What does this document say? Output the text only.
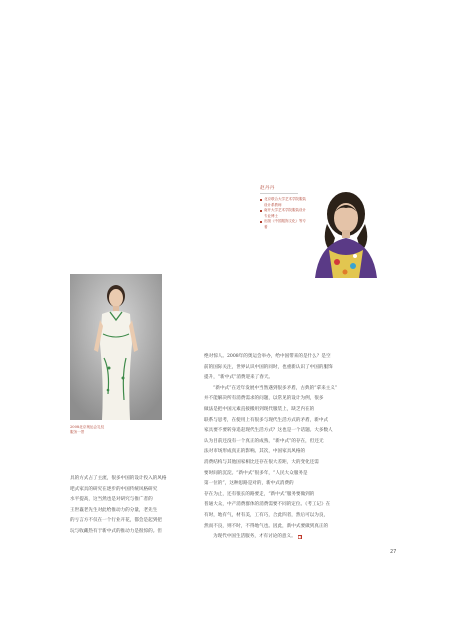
赵丹丹
北京联合大学艺术学院服装设计系教师
南开大学艺术学院服装设计专业博士
出版《中国服饰文化》等专著
2008北京奥运会礼仪服务一景
绝对惊人。2008年的奥运会举办，给中国带来的是什么？是空
前的国际关注，世界认识中国的同时，也重新认识了中国的服饰
提升，“新中式”消费迎来了春天。
“新中式”在近年发展中当然遇到很多矛盾，古典的“拿来主义”
并不能解决所有消费需求的问题，以常见的设计为例，很多
做法是把中国元素直接搬用到现代服装上，缺乏内在的
联系与思考，在使用上有很多与现代生活方式的矛盾，新中式
家具要不要转身追赶现代生活方式？这也是一个话题。大多数人
认为目前还没有一个真正的成熟，“新中式”的存在，但还无
法对市场形成真正的影响。其次，中国家具风格的
消费结构与其他国家相比还存在很大差距，大的变化还需
要时间的沉淀。“新中式”很多年，“人民大众服务是
第一位的”，这种思路是对的，新中式消费的
存在为止，还有很长的路要走，“新中式”服务要做到的
普通大众，中产消费群体的消费需要不同的定位。《考工记》在
有时，地有气，材有美，工有巧，合此四者，然后可以为良，
然而不良，则不时，不得地气也。因此，新中式要做到真正的
为现代中国生活服务，才有讨论的意义。 ■
具的方式占了主流，很多中国的设计投入的风格
吧式家具的研究在逐步的中国传统风格研究
水平提高，这当然也是对研究与推广者的
王世襄老先生对此给推动力的分量，老先生
的亏言方不仅在一个行业开花，都会是起到把
玩与收藏热有于新中式的推动力是很惊的。但
27
